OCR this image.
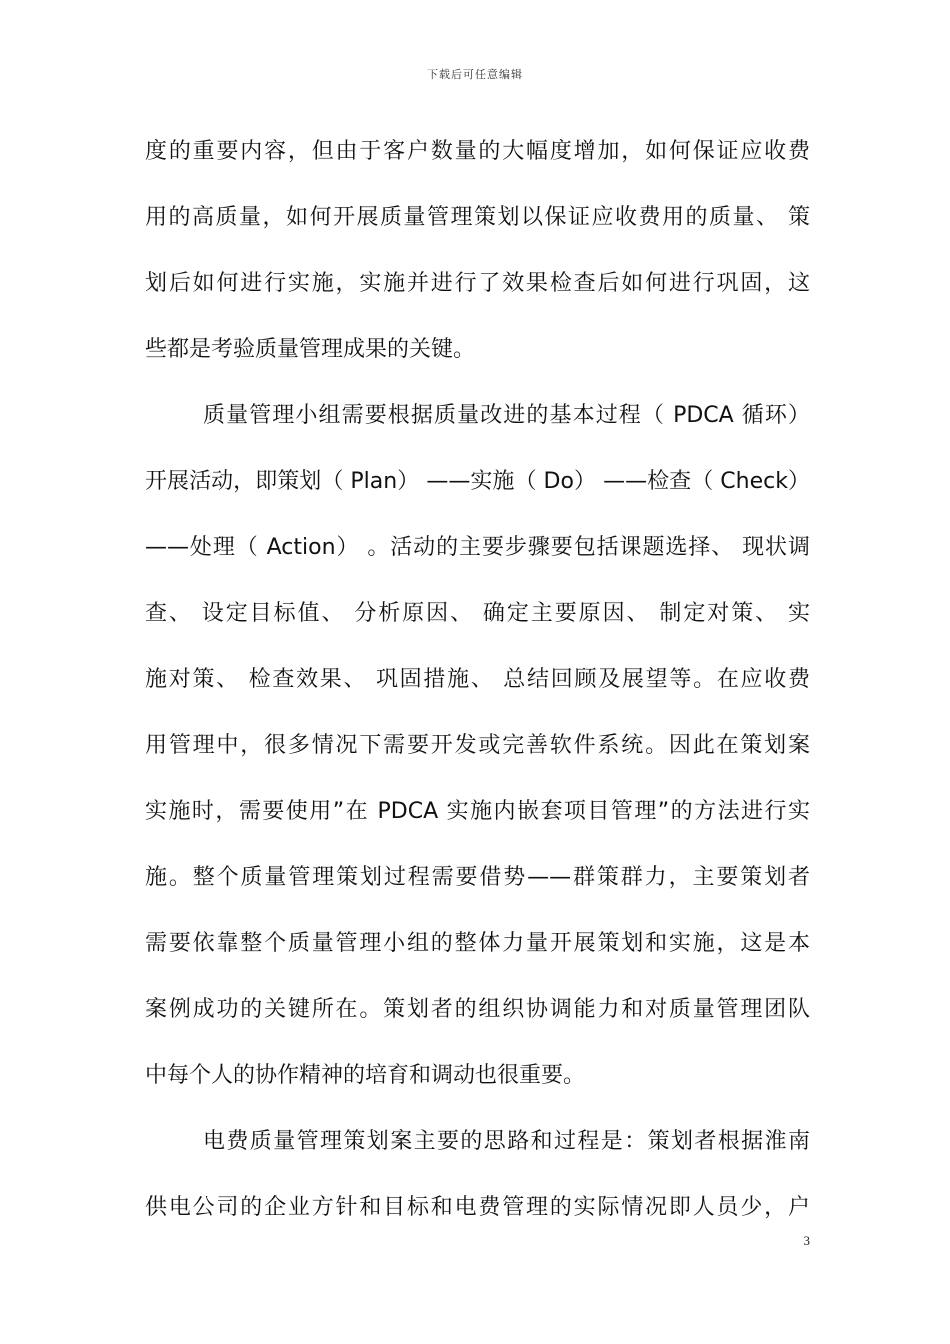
下载后可任意编辑
度的重要内容，但由于客户数量的大幅度增加，如何保证应收费
用的高质量，如何开展质量管理策划以保证应收费用的质量、 策
划后如何进行实施，实施并进行了效果检查后如何进行巩固，这
些都是考验质量管理成果的关键。
质量管理小组需要根据质量改进的基本过程（ PDCA 循环）
开展活动，即策划（ Plan） ——实施（ Do） ——检查（ Check）
——处理（ Action） 。活动的主要步骤要包括课题选择、 现状调
查、 设定目标值、 分析原因、 确定主要原因、 制定对策、 实
施对策、 检查效果、 巩固措施、 总结回顾及展望等。在应收费
用管理中，很多情况下需要开发或完善软件系统。因此在策划案
实施时，需要使用”在 PDCA 实施内嵌套项目管理”的方法进行实
施。整个质量管理策划过程需要借势——群策群力，主要策划者
需要依靠整个质量管理小组的整体力量开展策划和实施，这是本
案例成功的关键所在。策划者的组织协调能力和对质量管理团队
中每个人的协作精神的培育和调动也很重要。
电费质量管理策划案主要的思路和过程是：策划者根据淮南
供电公司的企业方针和目标和电费管理的实际情况即人员少，户
3
